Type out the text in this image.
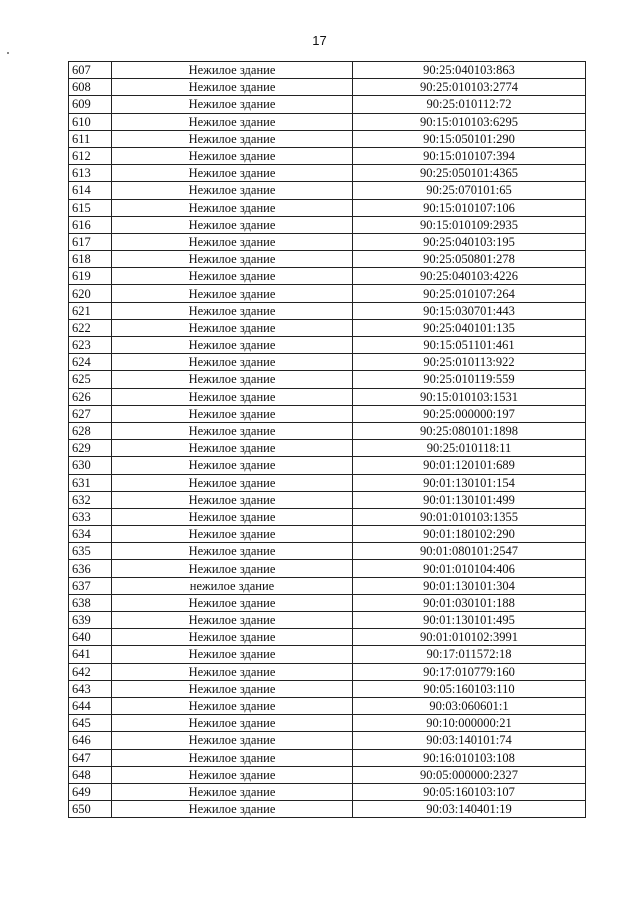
17
607	Нежилое здание	90:25:040103:863
608	Нежилое здание	90:25:010103:2774
609	Нежилое здание	90:25:010112:72
610	Нежилое здание	90:15:010103:6295
611	Нежилое здание	90:15:050101:290
612	Нежилое здание	90:15:010107:394
613	Нежилое здание	90:25:050101:4365
614	Нежилое здание	90:25:070101:65
615	Нежилое здание	90:15:010107:106
616	Нежилое здание	90:15:010109:2935
617	Нежилое здание	90:25:040103:195
618	Нежилое здание	90:25:050801:278
619	Нежилое здание	90:25:040103:4226
620	Нежилое здание	90:25:010107:264
621	Нежилое здание	90:15:030701:443
622	Нежилое здание	90:25:040101:135
623	Нежилое здание	90:15:051101:461
624	Нежилое здание	90:25:010113:922
625	Нежилое здание	90:25:010119:559
626	Нежилое здание	90:15:010103:1531
627	Нежилое здание	90:25:000000:197
628	Нежилое здание	90:25:080101:1898
629	Нежилое здание	90:25:010118:11
630	Нежилое здание	90:01:120101:689
631	Нежилое здание	90:01:130101:154
632	Нежилое здание	90:01:130101:499
633	Нежилое здание	90:01:010103:1355
634	Нежилое здание	90:01:180102:290
635	Нежилое здание	90:01:080101:2547
636	Нежилое здание	90:01:010104:406
637	нежилое здание	90:01:130101:304
638	Нежилое здание	90:01:030101:188
639	Нежилое здание	90:01:130101:495
640	Нежилое здание	90:01:010102:3991
641	Нежилое здание	90:17:011572:18
642	Нежилое здание	90:17:010779:160
643	Нежилое здание	90:05:160103:110
644	Нежилое здание	90:03:060601:1
645	Нежилое здание	90:10:000000:21
646	Нежилое здание	90:03:140101:74
647	Нежилое здание	90:16:010103:108
648	Нежилое здание	90:05:000000:2327
649	Нежилое здание	90:05:160103:107
650	Нежилое здание	90:03:140401:19
